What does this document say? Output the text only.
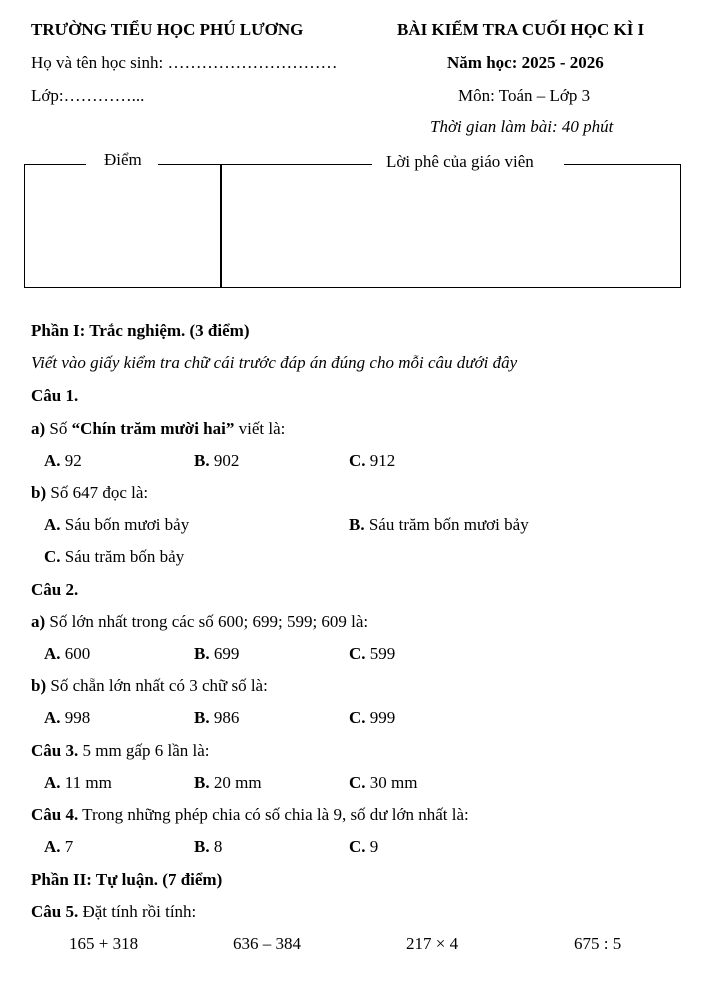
TRƯỜNG TIỂU HỌC PHÚ LƯƠNG	BÀI KIỂM TRA CUỐI HỌC KÌ I
Họ và tên học sinh: …………………………	Năm học: 2025 - 2026
Lớp:…………...	Môn: Toán – Lớp 3
Thời gian làm bài: 40 phút
Điểm	Lời phê của giáo viên
Phần I: Trắc nghiệm. (3 điểm)
Viết vào giấy kiểm tra chữ cái trước đáp án đúng cho mỗi câu dưới đây
Câu 1.
a) Số “Chín trăm mười hai” viết là:
A. 92	B. 902	C. 912
b) Số 647 đọc là:
A. Sáu bốn mươi bảy	B. Sáu trăm bốn mươi bảy
C. Sáu trăm bốn bảy
Câu 2.
a) Số lớn nhất trong các số 600; 699; 599; 609 là:
A. 600	B. 699	C. 599
b) Số chẵn lớn nhất có 3 chữ số là:
A. 998	B. 986	C. 999
Câu 3. 5 mm gấp 6 lần là:
A. 11 mm	B. 20 mm	C. 30 mm
Câu 4. Trong những phép chia có số chia là 9, số dư lớn nhất là:
A. 7	B. 8	C. 9
Phần II: Tự luận. (7 điểm)
Câu 5. Đặt tính rồi tính:
165 + 318	636 – 384	217 × 4	675 : 5
